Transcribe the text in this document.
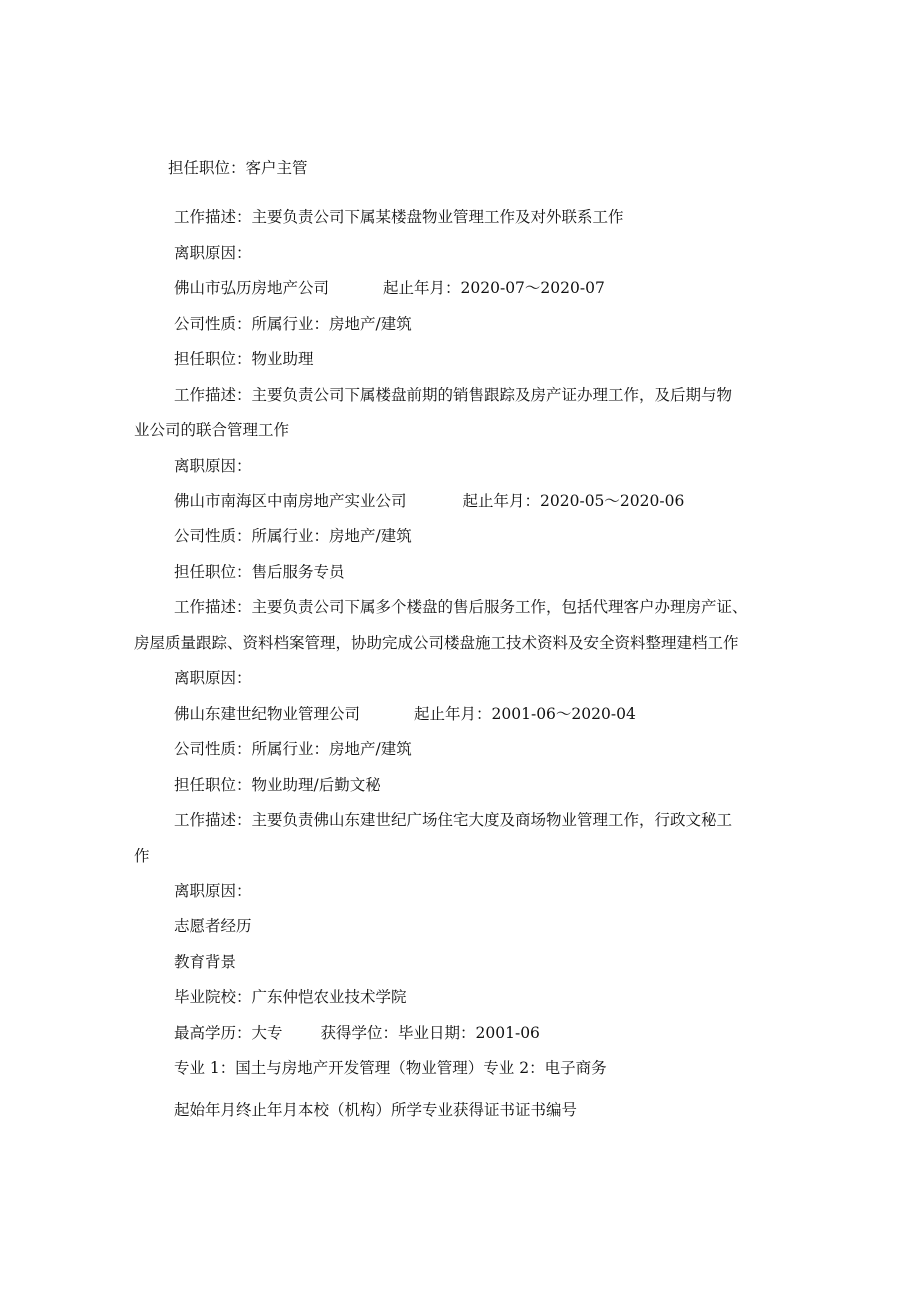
担任职位：客户主管

工作描述：主要负责公司下属某楼盘物业管理工作及对外联系工作

离职原因：

佛山市弘历房地产公司	起止年月：2020-07～2020-07

公司性质：所属行业：房地产/建筑

担任职位：物业助理

工作描述：主要负责公司下属楼盘前期的销售跟踪及房产证办理工作，及后期与物

业公司的联合管理工作

离职原因：

佛山市南海区中南房地产实业公司	起止年月：2020-05～2020-06

公司性质：所属行业：房地产/建筑

担任职位：售后服务专员

工作描述：主要负责公司下属多个楼盘的售后服务工作，包括代理客户办理房产证、

房屋质量跟踪、资料档案管理，协助完成公司楼盘施工技术资料及安全资料整理建档工作

离职原因：

佛山东建世纪物业管理公司	起止年月：2001-06～2020-04

公司性质：所属行业：房地产/建筑

担任职位：物业助理/后勤文秘

工作描述：主要负责佛山东建世纪广场住宅大度及商场物业管理工作，行政文秘工

作

离职原因：

志愿者经历

教育背景

毕业院校：广东仲恺农业技术学院

最高学历：大专 获得学位：毕业日期：2001-06

专业 1：国土与房地产开发管理（物业管理）专业 2：电子商务

起始年月终止年月本校（机构）所学专业获得证书证书编号
